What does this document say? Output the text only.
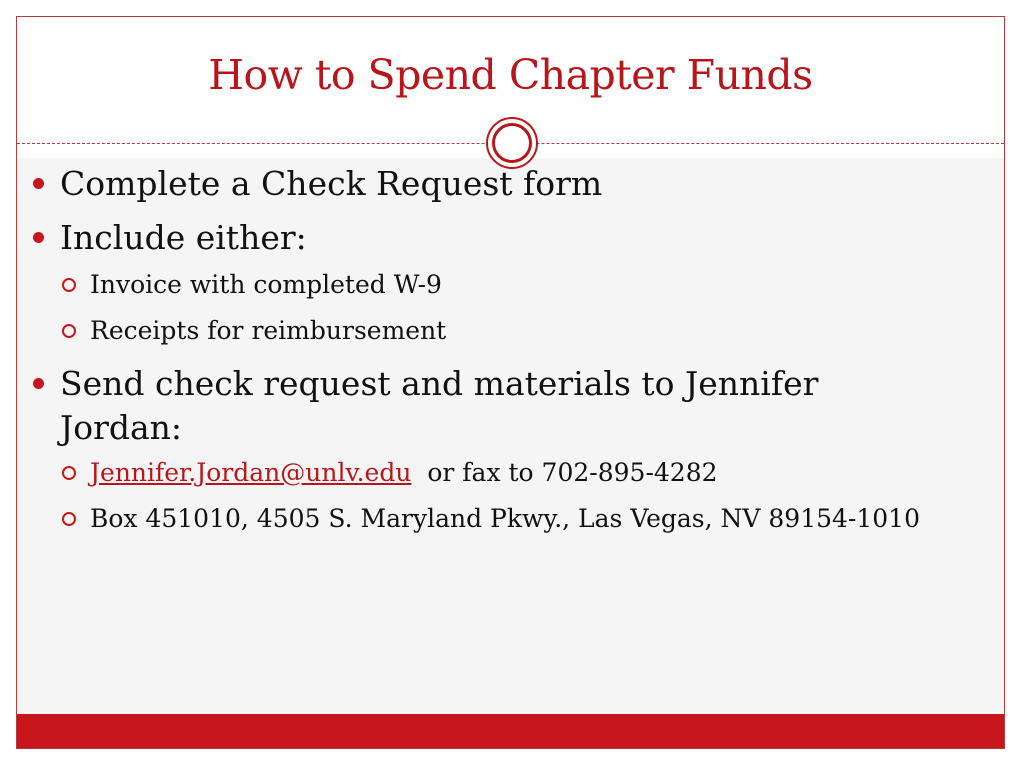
How to Spend Chapter Funds
Complete a Check Request form
Include either:
Invoice with completed W-9
Receipts for reimbursement
Send check request and materials to Jennifer Jordan:
Jennifer.Jordan@unlv.edu or fax to 702-895-4282
Box 451010, 4505 S. Maryland Pkwy., Las Vegas, NV 89154-1010
